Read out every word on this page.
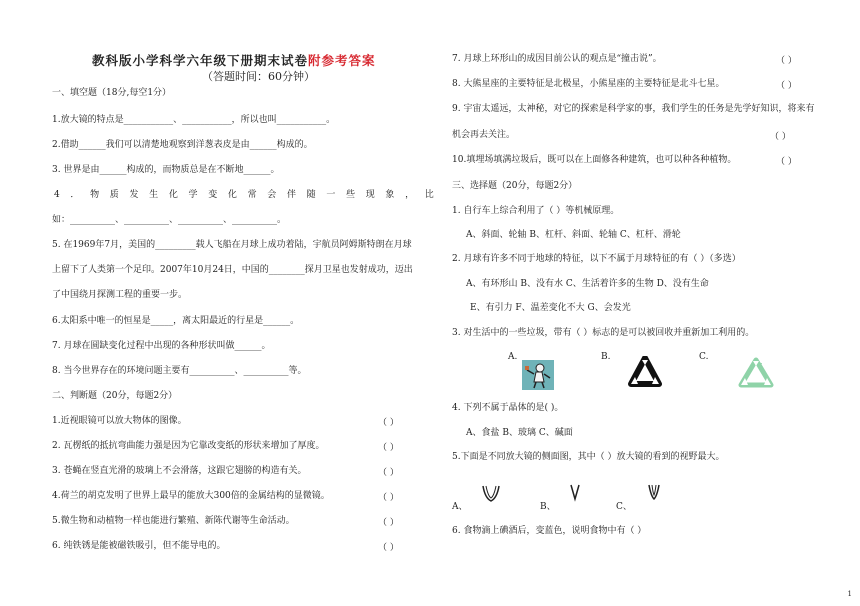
教科版小学科学六年级下册期末试卷附参考答案
（答题时间：60分钟）
一、填空题（18分,每空1分）
1.放大镜的特点是___________、___________，所以也叫___________。
2.借助______我们可以清楚地观察到洋葱表皮是由______构成的。
3. 世界是由______构成的，而物质总是在不断地______。
4 ． 物 质 发 生 化 学 变 化 常 会 伴 随 一 些 现 象 ， 比
如：__________、__________、__________、__________。
5. 在1969年7月，美国的_________载人飞船在月球上成功着陆，宇航员阿姆斯特朗在月球
上留下了人类第一个足印。2007年10月24日，中国的________探月卫星也发射成功，迈出
了中国绕月探测工程的重要一步。
6.太阳系中唯一的恒星是_____，离太阳最近的行星是______。
7. 月球在圆缺变化过程中出现的各种形状叫做______。
8. 当今世界存在的环境问题主要有__________、__________等。
二、判断题（20分，每题2分）
1.近视眼镜可以放大物体的图像。	（ ）
2. 瓦楞纸的抵抗弯曲能力强是因为它靠改变纸的形状来增加了厚度。	（ ）
3. 苍蝇在竖直光滑的玻璃上不会滑落，这跟它翅膀的构造有关。	（ ）
4.荷兰的胡克发明了世界上最早的能放大300倍的金属结构的显微镜。	（ ）
5.微生物和动植物一样也能进行繁殖、新陈代谢等生命活动。	（ ）
6. 纯铁锈是能被磁铁吸引，但不能导电的。	（ ）
7. 月球上环形山的成因目前公认的观点是“撞击说”。	（ ）
8. 大熊星座的主要特征是北极星，小熊星座的主要特征是北斗七星。	（ ）
9. 宇宙太遥远，太神秘，对它的探索是科学家的事，我们学生的任务是先学好知识，将来有
机会再去关注。	（ ）
10.填埋场填满垃圾后，既可以在上面修各种建筑，也可以种各种植物。	（ ）
三、选择题（20分，每题2分）
1. 自行车上综合利用了（ ）等机械原理。
A、斜面、轮轴 B、杠杆、斜面、轮轴 C、杠杆、滑轮
2. 月球有许多不同于地球的特征，以下不属于月球特征的有（ ）（多选）
A、有环形山 B、没有水 C、生活着许多的生物 D、没有生命
E、有引力 F、温差变化不大 G、会发光
3. 对生活中的一些垃圾，带有（ ）标志的是可以被回收并重新加工利用的。
A.	B.	C.
4. 下列不属于晶体的是( )。
A、食盐 B、玻璃 C、碱面
5.下面是不同放大镜的侧面图，其中（ ）放大镜的看到的视野最大。
A、	B、	C、
6. 食物滴上碘酒后，变蓝色，说明食物中有（ ）
1
